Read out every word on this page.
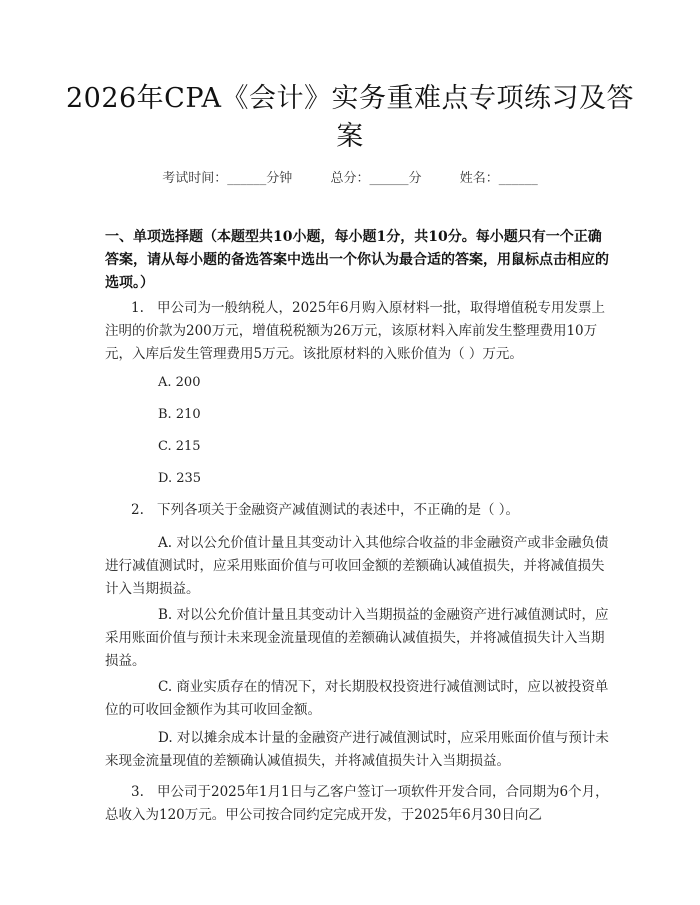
2026年CPA《会计》实务重难点专项练习及答案
考试时间：______分钟	总分：______分	姓名：______
一、单项选择题（本题型共10小题，每小题1分，共10分。每小题只有一个正确答案，请从每小题的备选答案中选出一个你认为最合适的答案，用鼠标点击相应的选项。）
1. 甲公司为一般纳税人，2025年6月购入原材料一批，取得增值税专用发票上注明的价款为200万元，增值税税额为26万元，该原材料入库前发生整理费用10万元，入库后发生管理费用5万元。该批原材料的入账价值为（ ）万元。
A. 200
B. 210
C. 215
D. 235
2. 下列各项关于金融资产减值测试的表述中，不正确的是（ ）。
A. 对以公允价值计量且其变动计入其他综合收益的非金融资产或非金融负债进行减值测试时，应采用账面价值与可收回金额的差额确认减值损失，并将减值损失计入当期损益。
B. 对以公允价值计量且其变动计入当期损益的金融资产进行减值测试时，应采用账面价值与预计未来现金流量现值的差额确认减值损失，并将减值损失计入当期损益。
C. 商业实质存在的情况下，对长期股权投资进行减值测试时，应以被投资单位的可收回金额作为其可收回金额。
D. 对以摊余成本计量的金融资产进行减值测试时，应采用账面价值与预计未来现金流量现值的差额确认减值损失，并将减值损失计入当期损益。
3. 甲公司于2025年1月1日与乙客户签订一项软件开发合同，合同期为6个月，总收入为120万元。甲公司按合同约定完成开发，于2025年6月30日向乙
